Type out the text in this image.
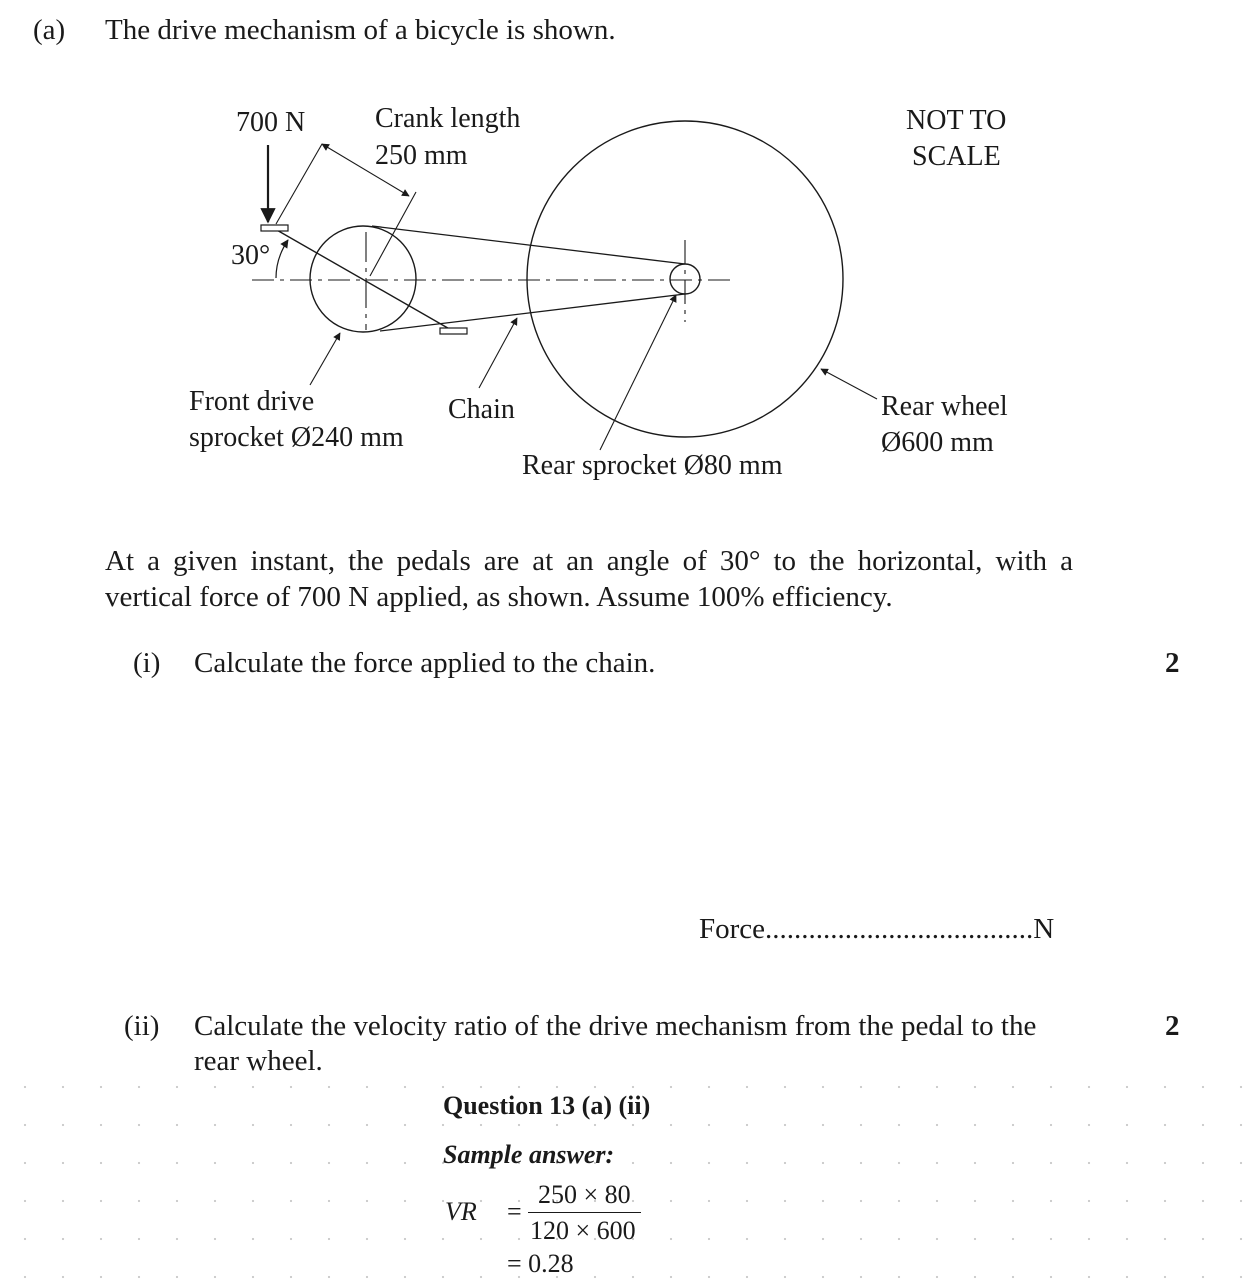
(a) The drive mechanism of a bicycle is shown.
700 N Crank length
250 mm
30°
NOT TO
SCALE
Front drive
sprocket Ø240 mm
Chain
Rear sprocket Ø80 mm
Rear wheel
Ø600 mm
At a given instant, the pedals are at an angle of 30° to the horizontal, with a
vertical force of 700 N applied, as shown. Assume 100% efficiency.
(i) Calculate the force applied to the chain.	2
Force.....................................N
(ii) Calculate the velocity ratio of the drive mechanism from the pedal to the
rear wheel.
2
Question 13 (a) (ii)
Sample answer:
VR =
250 × 80
120 × 600
= 0.28
